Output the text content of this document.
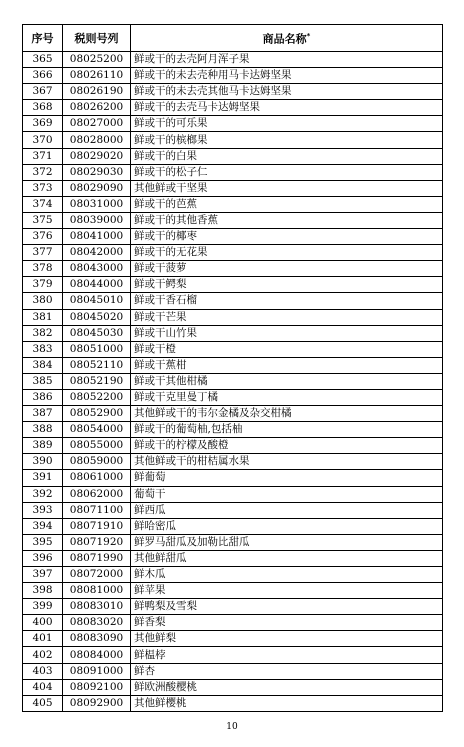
序号	税则号列	商品名称*
365	08025200	鲜或干的去壳阿月浑子果
366	08026110	鲜或干的未去壳种用马卡达姆坚果
367	08026190	鲜或干的未去壳其他马卡达姆坚果
368	08026200	鲜或干的去壳马卡达姆坚果
369	08027000	鲜或干的可乐果
370	08028000	鲜或干的槟榔果
371	08029020	鲜或干的白果
372	08029030	鲜或干的松子仁
373	08029090	其他鲜或干坚果
374	08031000	鲜或干的芭蕉
375	08039000	鲜或干的其他香蕉
376	08041000	鲜或干的椰枣
377	08042000	鲜或干的无花果
378	08043000	鲜或干菠萝
379	08044000	鲜或干鳄梨
380	08045010	鲜或干香石榴
381	08045020	鲜或干芒果
382	08045030	鲜或干山竹果
383	08051000	鲜或干橙
384	08052110	鲜或干蕉柑
385	08052190	鲜或干其他柑橘
386	08052200	鲜或干克里曼丁橘
387	08052900	其他鲜或干的韦尔金橘及杂交柑橘
388	08054000	鲜或干的葡萄柚,包括柚
389	08055000	鲜或干的柠檬及酸橙
390	08059000	其他鲜或干的柑桔属水果
391	08061000	鲜葡萄
392	08062000	葡萄干
393	08071100	鲜西瓜
394	08071910	鲜哈密瓜
395	08071920	鲜罗马甜瓜及加勒比甜瓜
396	08071990	其他鲜甜瓜
397	08072000	鲜木瓜
398	08081000	鲜苹果
399	08083010	鲜鸭梨及雪梨
400	08083020	鲜香梨
401	08083090	其他鲜梨
402	08084000	鲜榅桲
403	08091000	鲜杏
404	08092100	鲜欧洲酸樱桃
405	08092900	其他鲜樱桃
10
